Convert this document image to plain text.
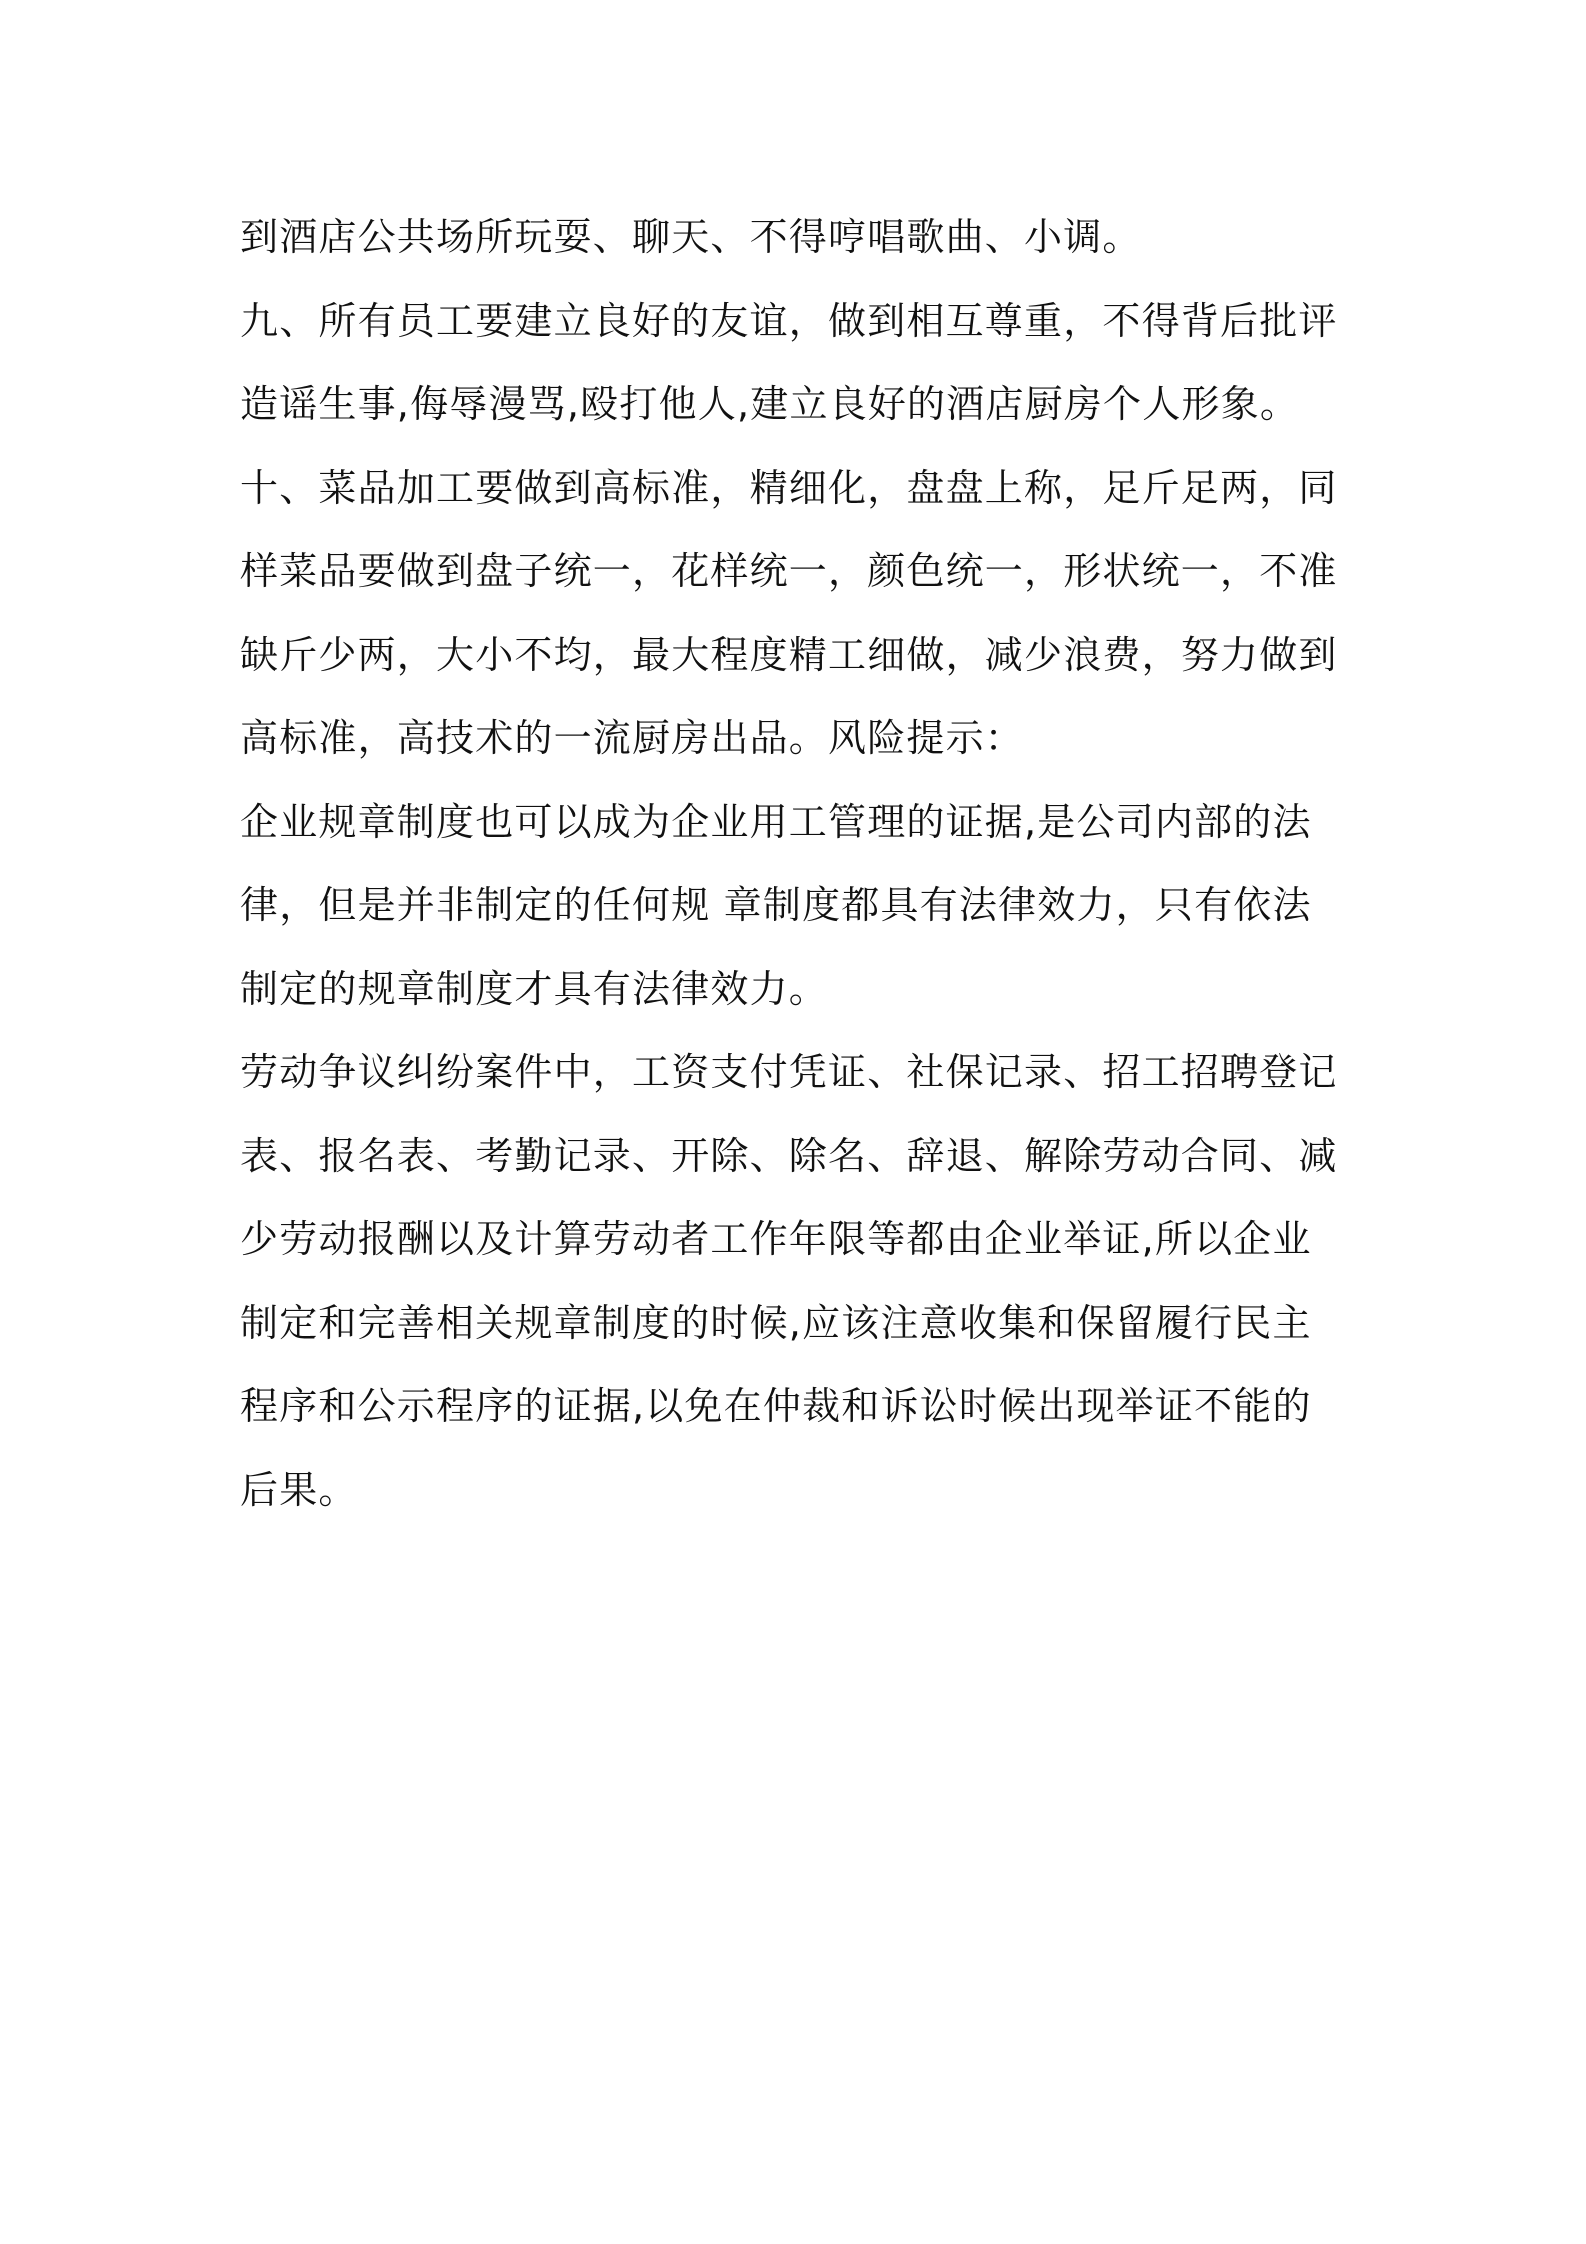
到酒店公共场所玩耍、聊天、不得哼唱歌曲、小调。
九、所有员工要建立良好的友谊，做到相互尊重，不得背后批评
造谣生事,侮辱漫骂,殴打他人,建立良好的酒店厨房个人形象。
十、菜品加工要做到高标准，精细化，盘盘上称，足斤足两，同
样菜品要做到盘子统一，花样统一，颜色统一，形状统一，不准
缺斤少两，大小不均，最大程度精工细做，减少浪费，努力做到
高标准，高技术的一流厨房出品。风险提示：
企业规章制度也可以成为企业用工管理的证据,是公司内部的法
律，但是并非制定的任何规 章制度都具有法律效力，只有依法
制定的规章制度才具有法律效力。
劳动争议纠纷案件中，工资支付凭证、社保记录、招工招聘登记
表、报名表、考勤记录、开除、除名、辞退、解除劳动合同、减
少劳动报酬以及计算劳动者工作年限等都由企业举证,所以企业
制定和完善相关规章制度的时候,应该注意收集和保留履行民主
程序和公示程序的证据,以免在仲裁和诉讼时候出现举证不能的
后果。
